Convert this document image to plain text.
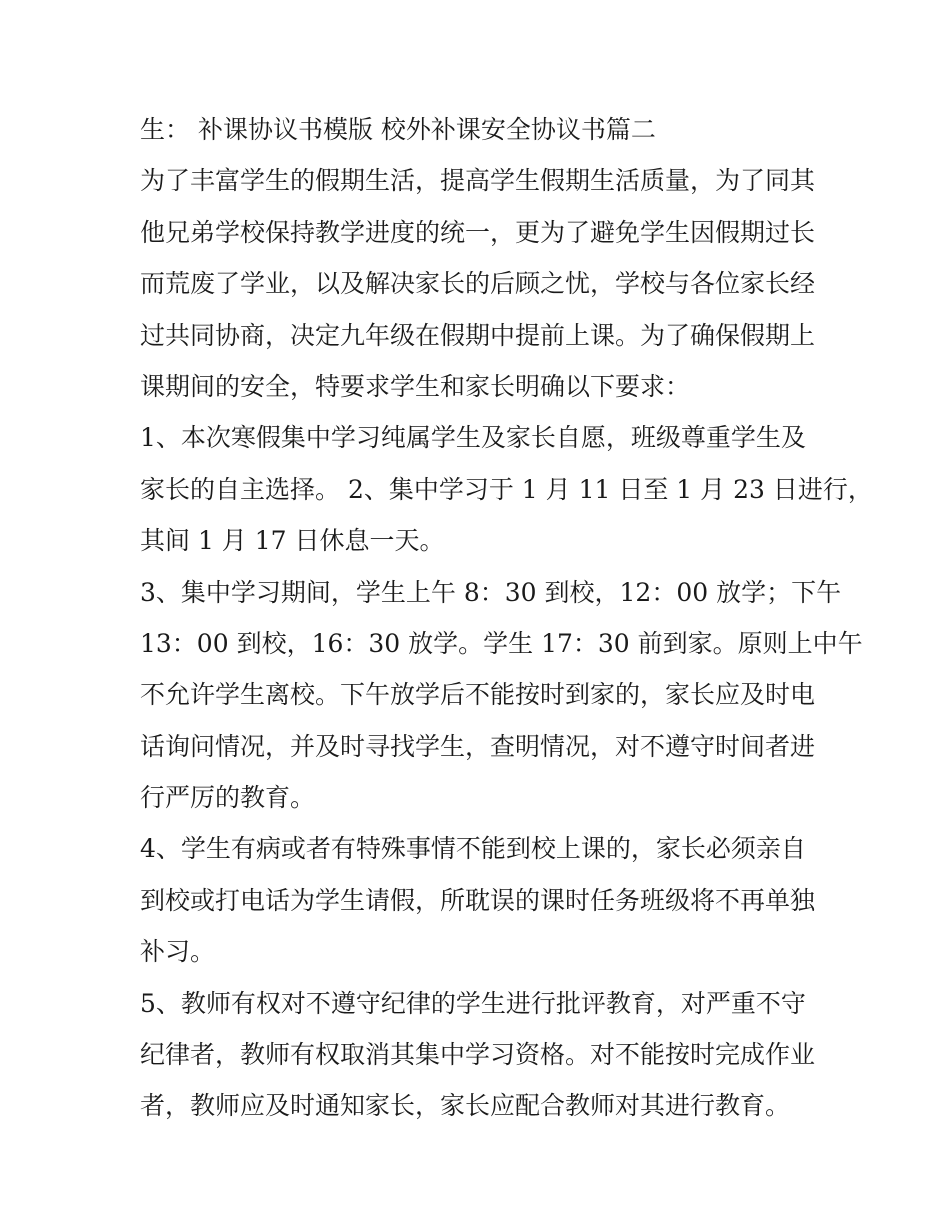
生： 补课协议书模版 校外补课安全协议书篇二
为了丰富学生的假期生活，提高学生假期生活质量，为了同其
他兄弟学校保持教学进度的统一，更为了避免学生因假期过长
而荒废了学业，以及解决家长的后顾之忧，学校与各位家长经
过共同协商，决定九年级在假期中提前上课。为了确保假期上
课期间的安全，特要求学生和家长明确以下要求：
1、本次寒假集中学习纯属学生及家长自愿，班级尊重学生及
家长的自主选择。 2、集中学习于 1 月 11 日至 1 月 23 日进行，
其间 1 月 17 日休息一天。
3、集中学习期间，学生上午 8：30 到校，12：00 放学；下午
13：00 到校，16：30 放学。学生 17：30 前到家。原则上中午
不允许学生离校。下午放学后不能按时到家的，家长应及时电
话询问情况，并及时寻找学生，查明情况，对不遵守时间者进
行严厉的教育。
4、学生有病或者有特殊事情不能到校上课的，家长必须亲自
到校或打电话为学生请假，所耽误的课时任务班级将不再单独
补习。
5、教师有权对不遵守纪律的学生进行批评教育，对严重不守
纪律者，教师有权取消其集中学习资格。对不能按时完成作业
者，教师应及时通知家长，家长应配合教师对其进行教育。
